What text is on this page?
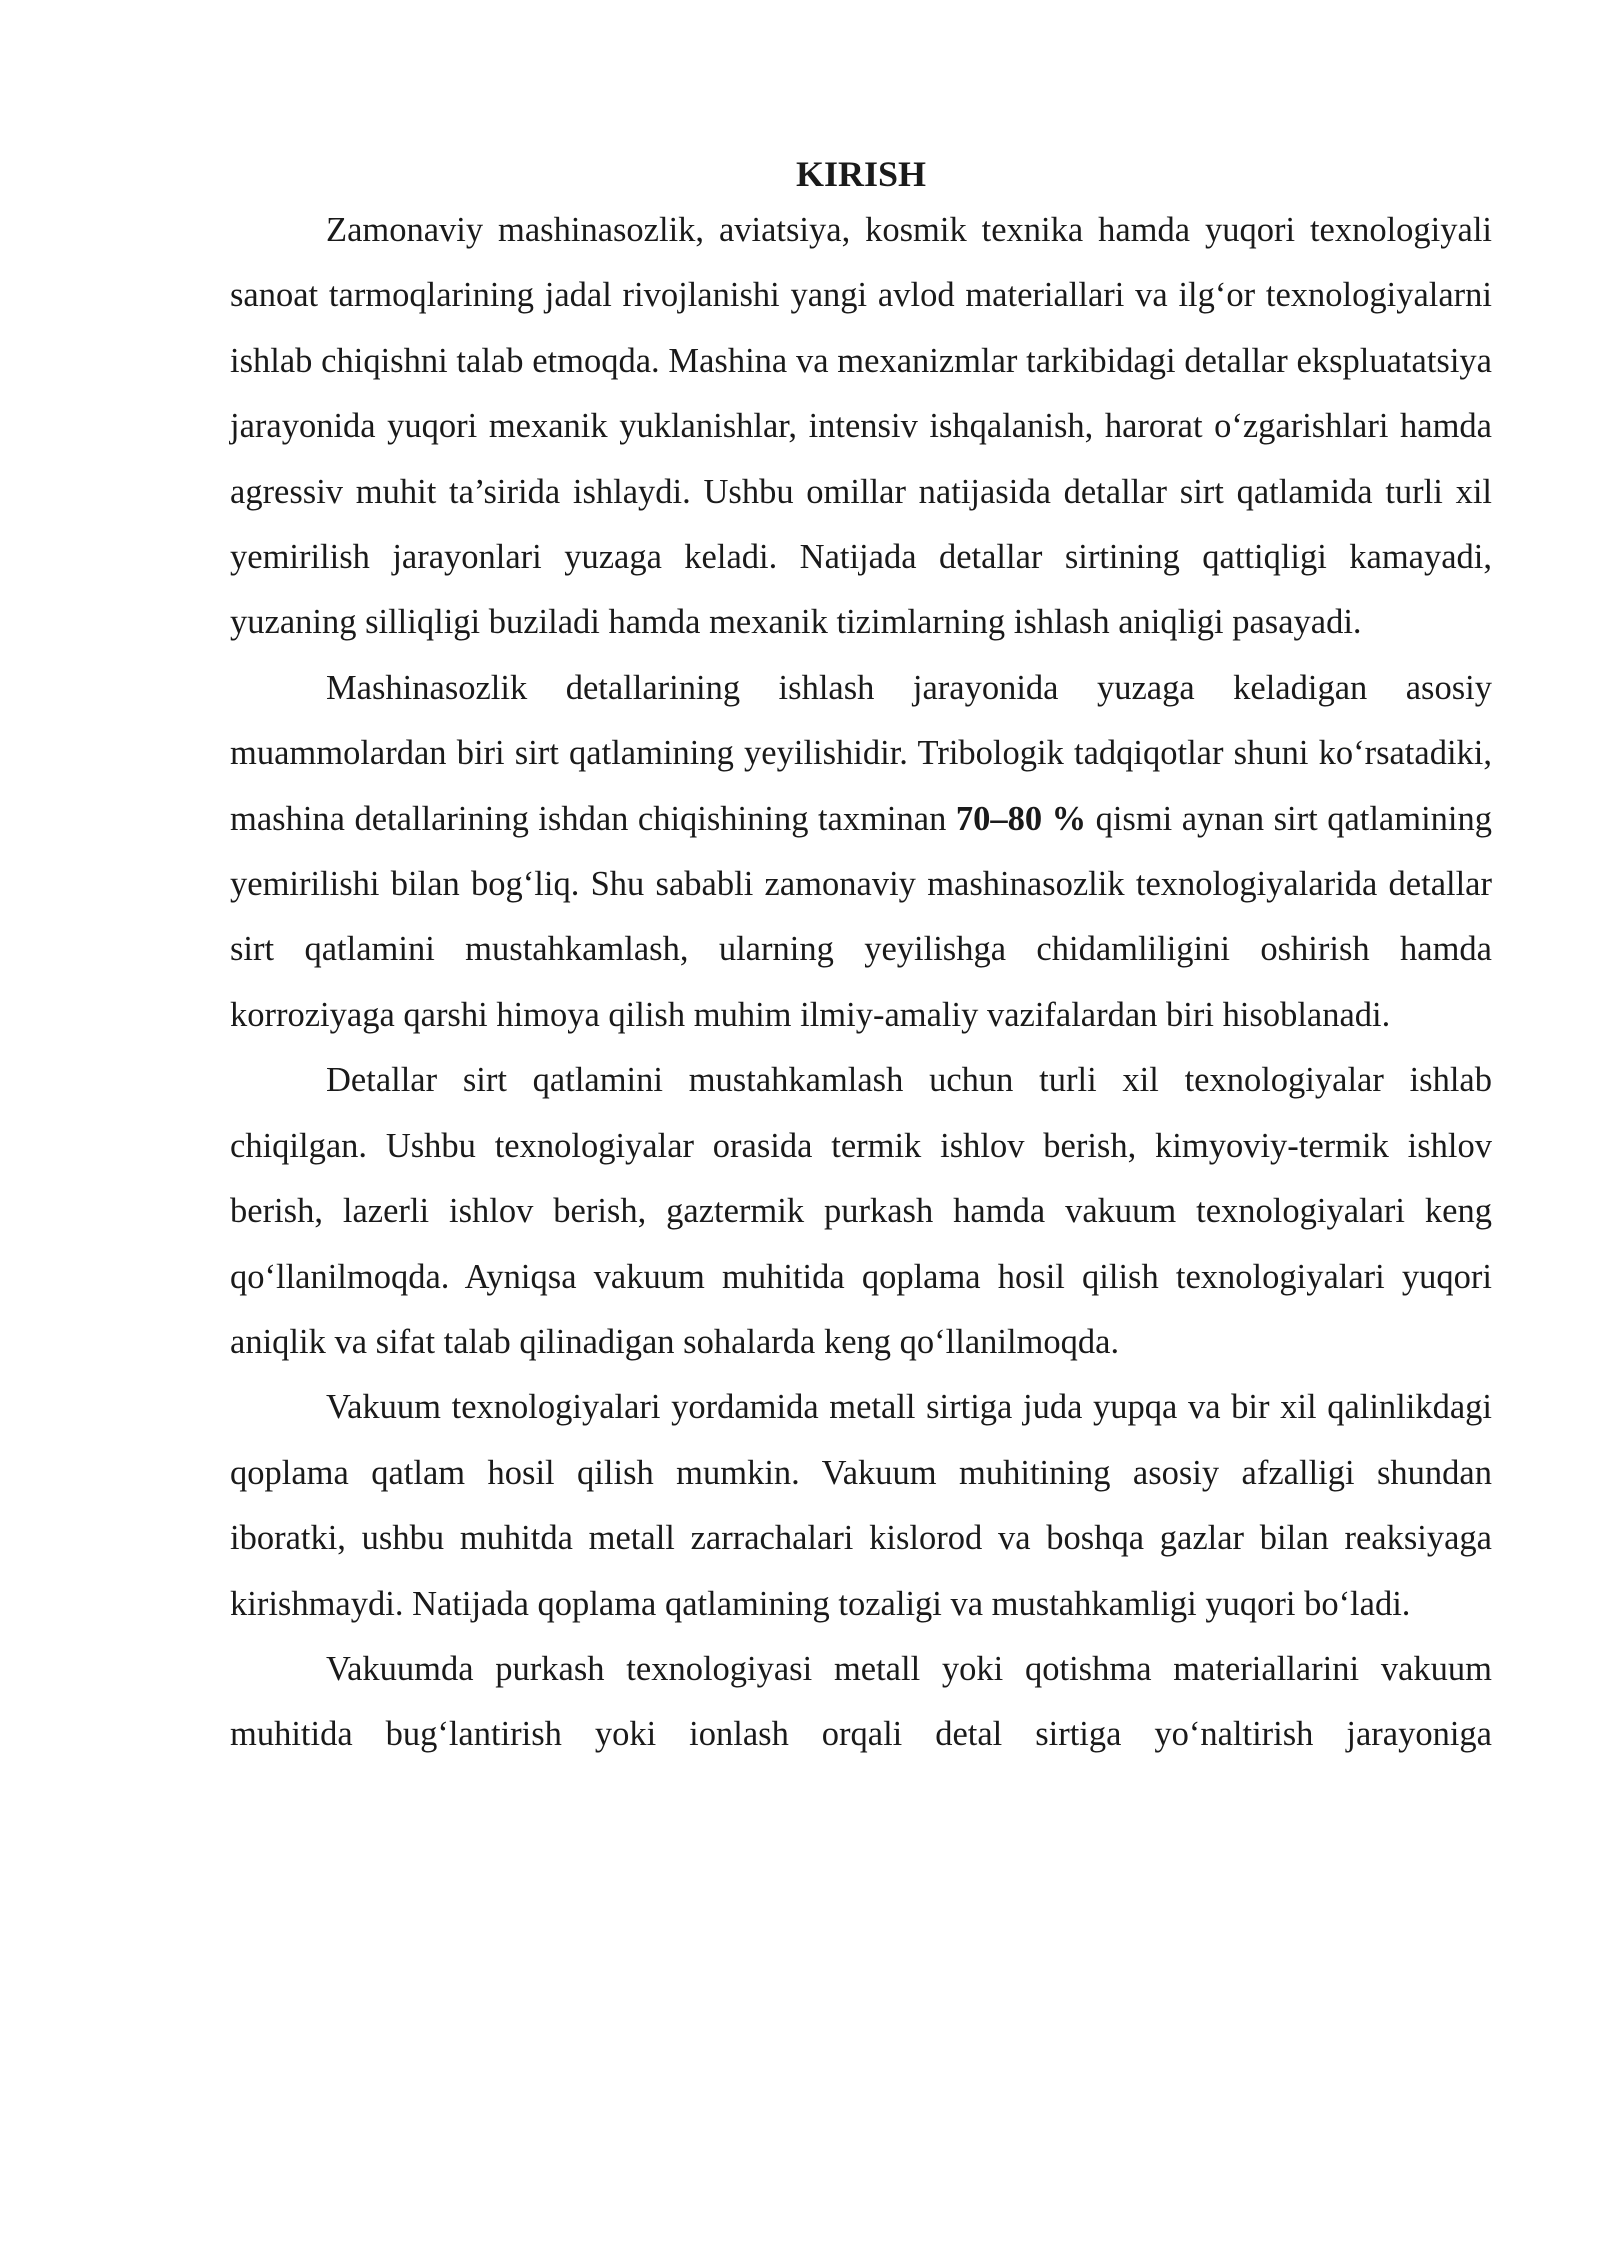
KIRISH

Zamonaviy mashinasozlik, aviatsiya, kosmik texnika hamda yuqori texnologiyali sanoat tarmoqlarining jadal rivojlanishi yangi avlod materiallari va ilg‘or texnologiyalarni ishlab chiqishni talab etmoqda. Mashina va mexanizmlar tarkibidagi detallar ekspluatatsiya jarayonida yuqori mexanik yuklanishlar, intensiv ishqalanish, harorat o‘zgarishlari hamda agressiv muhit ta’sirida ishlaydi. Ushbu omillar natijasida detallar sirt qatlamida turli xil yemirilish jarayonlari yuzaga keladi. Natijada detallar sirtining qattiqligi kamayadi, yuzaning silliqligi buziladi hamda mexanik tizimlarning ishlash aniqligi pasayadi.

Mashinasozlik detallarining ishlash jarayonida yuzaga keladigan asosiy muammolardan biri sirt qatlamining yeyilishidir. Tribologik tadqiqotlar shuni ko‘rsatadiki, mashina detallarining ishdan chiqishining taxminan 70–80 % qismi aynan sirt qatlamining yemirilishi bilan bog‘liq. Shu sababli zamonaviy mashinasozlik texnologiyalarida detallar sirt qatlamini mustahkamlash, ularning yeyilishga chidamliligini oshirish hamda korroziyaga qarshi himoya qilish muhim ilmiy-amaliy vazifalardan biri hisoblanadi.

Detallar sirt qatlamini mustahkamlash uchun turli xil texnologiyalar ishlab chiqilgan. Ushbu texnologiyalar orasida termik ishlov berish, kimyoviy-termik ishlov berish, lazerli ishlov berish, gaztermik purkash hamda vakuum texnologiyalari keng qo‘llanilmoqda. Ayniqsa vakuum muhitida qoplama hosil qilish texnologiyalari yuqori aniqlik va sifat talab qilinadigan sohalarda keng qo‘llanilmoqda.

Vakuum texnologiyalari yordamida metall sirtiga juda yupqa va bir xil qalinlikdagi qoplama qatlam hosil qilish mumkin. Vakuum muhitining asosiy afzalligi shundan iboratki, ushbu muhitda metall zarrachalari kislorod va boshqa gazlar bilan reaksiyaga kirishmaydi. Natijada qoplama qatlamining tozaligi va mustahkamligi yuqori bo‘ladi.

Vakuumda purkash texnologiyasi metall yoki qotishma materiallarini vakuum muhitida bug‘lantirish yoki ionlash orqali detal sirtiga yo‘naltirish jarayoniga
